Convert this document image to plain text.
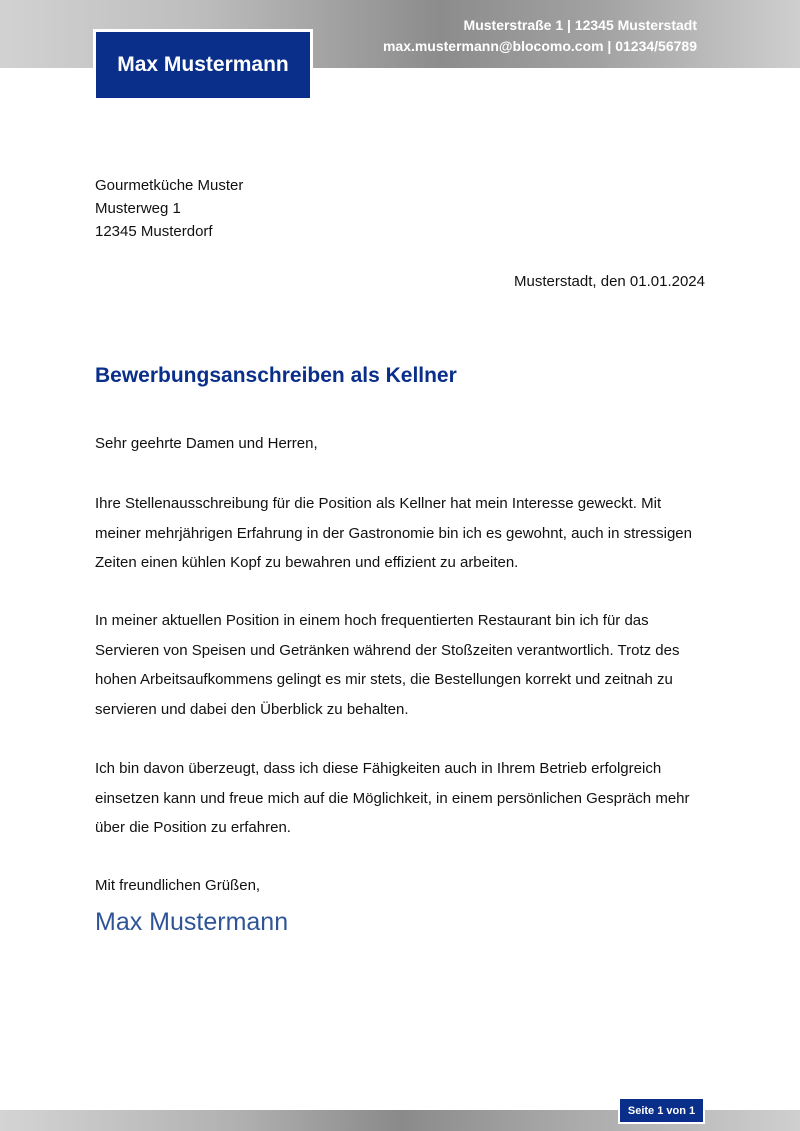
Musterstraße 1 | 12345 Musterstadt
max.mustermann@blocomo.com | 01234/56789
Max Mustermann
Gourmetküche Muster
Musterweg 1
12345 Musterdorf
Musterstadt, den 01.01.2024
Bewerbungsanschreiben als Kellner
Sehr geehrte Damen und Herren,

Ihre Stellenausschreibung für die Position als Kellner hat mein Interesse geweckt. Mit meiner mehrjährigen Erfahrung in der Gastronomie bin ich es gewohnt, auch in stressigen Zeiten einen kühlen Kopf zu bewahren und effizient zu arbeiten.

In meiner aktuellen Position in einem hoch frequentierten Restaurant bin ich für das Servieren von Speisen und Getränken während der Stoßzeiten verantwortlich. Trotz des hohen Arbeitsaufkommens gelingt es mir stets, die Bestellungen korrekt und zeitnah zu servieren und dabei den Überblick zu behalten.

Ich bin davon überzeugt, dass ich diese Fähigkeiten auch in Ihrem Betrieb erfolgreich einsetzen kann und freue mich auf die Möglichkeit, in einem persönlichen Gespräch mehr über die Position zu erfahren.

Mit freundlichen Grüßen,
Max Mustermann
Seite 1 von 1
